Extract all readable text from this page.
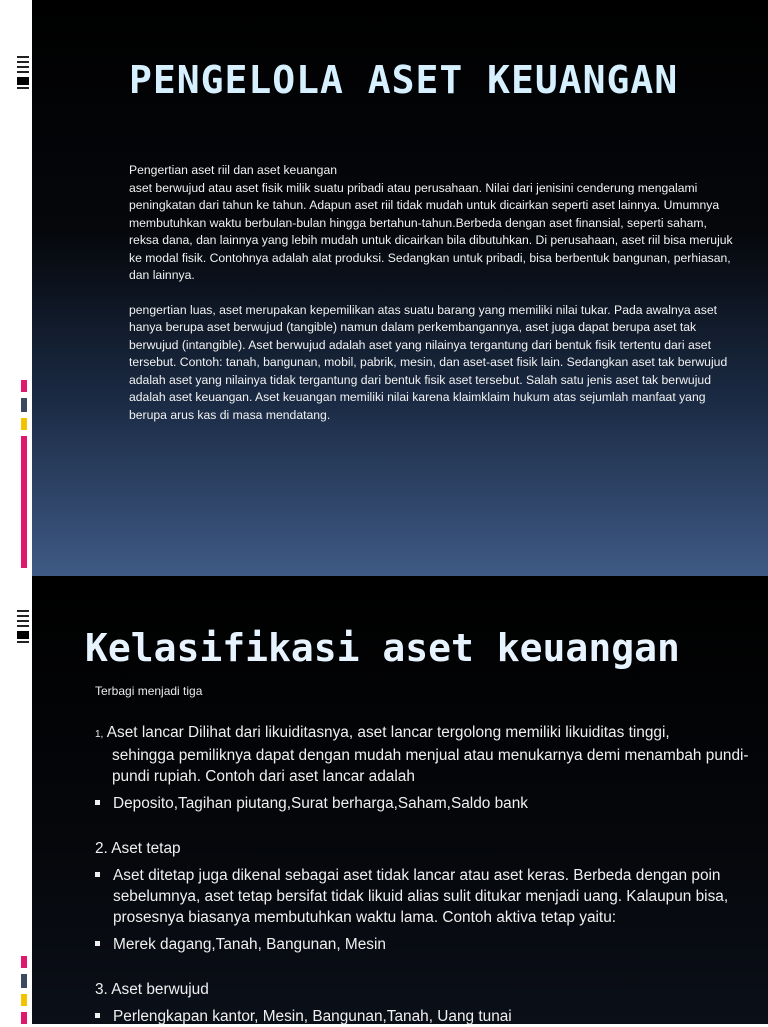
PENGELOLA ASET KEUANGAN

Pengertian aset riil dan aset keuangan

aset berwujud atau aset fisik milik suatu pribadi atau perusahaan. Nilai dari jenisini cenderung mengalami peningkatan dari tahun ke tahun. Adapun aset riil tidak mudah untuk dicairkan seperti aset lainnya. Umumnya membutuhkan waktu berbulan-bulan hingga bertahun-tahun.Berbeda dengan aset finansial, seperti saham, reksa dana, dan lainnya yang lebih mudah untuk dicairkan bila dibutuhkan. Di perusahaan, aset riil bisa merujuk ke modal fisik. Contohnya adalah alat produksi. Sedangkan untuk pribadi, bisa berbentuk bangunan, perhiasan, dan lainnya.

pengertian luas, aset merupakan kepemilikan atas suatu barang yang memiliki nilai tukar. Pada awalnya aset hanya berupa aset berwujud (tangible) namun dalam perkembangannya, aset juga dapat berupa aset tak berwujud (intangible). Aset berwujud adalah aset yang nilainya tergantung dari bentuk fisik tertentu dari aset tersebut. Contoh: tanah, bangunan, mobil, pabrik, mesin, dan aset-aset fisik lain. Sedangkan aset tak berwujud adalah aset yang nilainya tidak tergantung dari bentuk fisik aset tersebut. Salah satu jenis aset tak berwujud adalah aset keuangan. Aset keuangan memiliki nilai karena klaimklaim hukum atas sejumlah manfaat yang berupa arus kas di masa mendatang.

Kelasifikasi aset keuangan
Terbagi menjadi tiga

1, Aset lancar Dilihat dari likuiditasnya, aset lancar tergolong memiliki likuiditas tinggi,

sehingga pemiliknya dapat dengan mudah menjual atau menukarnya demi menambah pundi-pundi rupiah. Contoh dari aset lancar adalah

Deposito,Tagihan piutang,Surat berharga,Saham,Saldo bank

2. Aset tetap

Aset ditetap juga dikenal sebagai aset tidak lancar atau aset keras. Berbeda dengan poin sebelumnya, aset tetap bersifat tidak likuid alias sulit ditukar menjadi uang. Kalaupun bisa, prosesnya biasanya membutuhkan waktu lama. Contoh aktiva tetap yaitu:
Merek dagang,Tanah, Bangunan, Mesin

3. Aset berwujud

Perlengkapan kantor, Mesin, Bangunan,Tanah, Uang tunai
